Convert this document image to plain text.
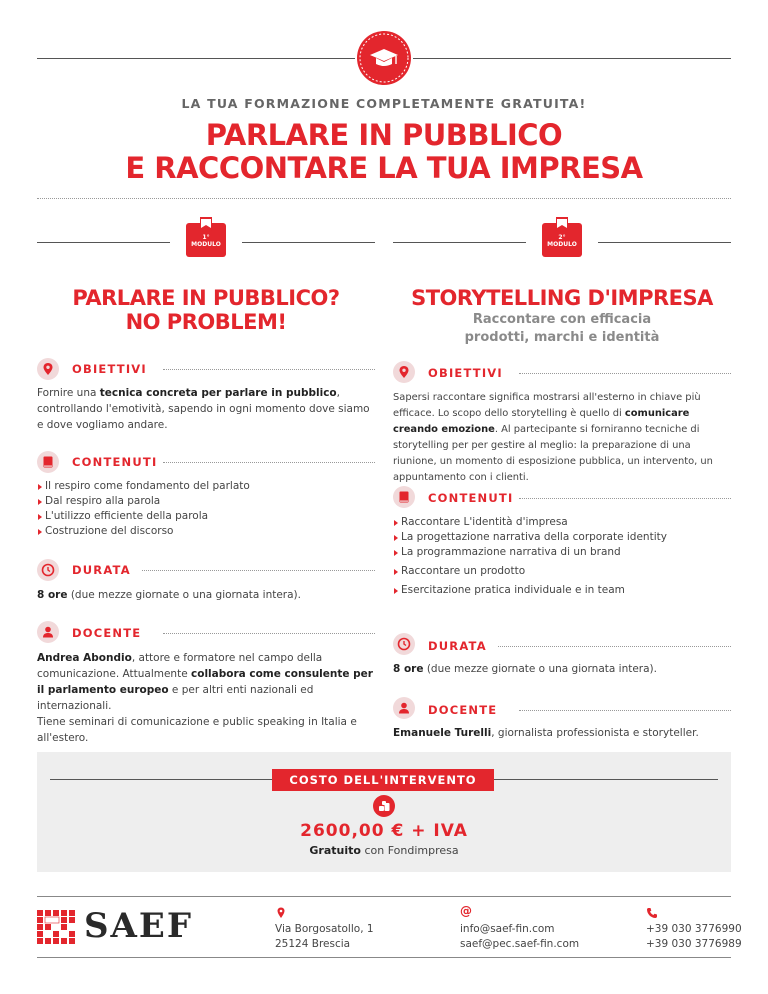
LA TUA FORMAZIONE COMPLETAMENTE GRATUITA!
PARLARE IN PUBBLICO
E RACCONTARE LA TUA IMPRESA
1°
MODULO
2°
MODULO
PARLARE IN PUBBLICO?
NO PROBLEM!
STORYTELLING D'IMPRESA
Raccontare con efficacia
prodotti, marchi e identità
OBIETTIVI
Fornire una tecnica concreta per parlare in pubblico, controllando l'emotività, sapendo in ogni momento dove siamo e dove vogliamo andare.
CONTENUTI
Il respiro come fondamento del parlato
Dal respiro alla parola
L'utilizzo efficiente della parola
Costruzione del discorso
DURATA
8 ore (due mezze giornate o una giornata intera).
DOCENTE
Andrea Abondio, attore e formatore nel campo della comunicazione. Attualmente collabora come consulente per il parlamento europeo e per altri enti nazionali ed internazionali.
Tiene seminari di comunicazione e public speaking in Italia e all'estero.
OBIETTIVI
Sapersi raccontare significa mostrarsi all'esterno in chiave più efficace. Lo scopo dello storytelling è quello di comunicare creando emozione. Al partecipante si forniranno tecniche di storytelling per per gestire al meglio: la preparazione di una riunione, un momento di esposizione pubblica, un intervento, un appuntamento con i clienti.
CONTENUTI
Raccontare L'identità d'impresa
La progettazione narrativa della corporate identity
La programmazione narrativa di un brand
Raccontare un prodotto
Esercitazione pratica individuale e in team
DURATA
8 ore (due mezze giornate o una giornata intera).
DOCENTE
Emanuele Turelli, giornalista professionista e storyteller.
COSTO DELL'INTERVENTO
2600,00 € + IVA
Gratuito con Fondimpresa
SAEF	Via Borgosatollo, 1
25124 Brescia
@
info@saef-fin.com
saef@pec.saef-fin.com
+39 030 3776990
+39 030 3776989
